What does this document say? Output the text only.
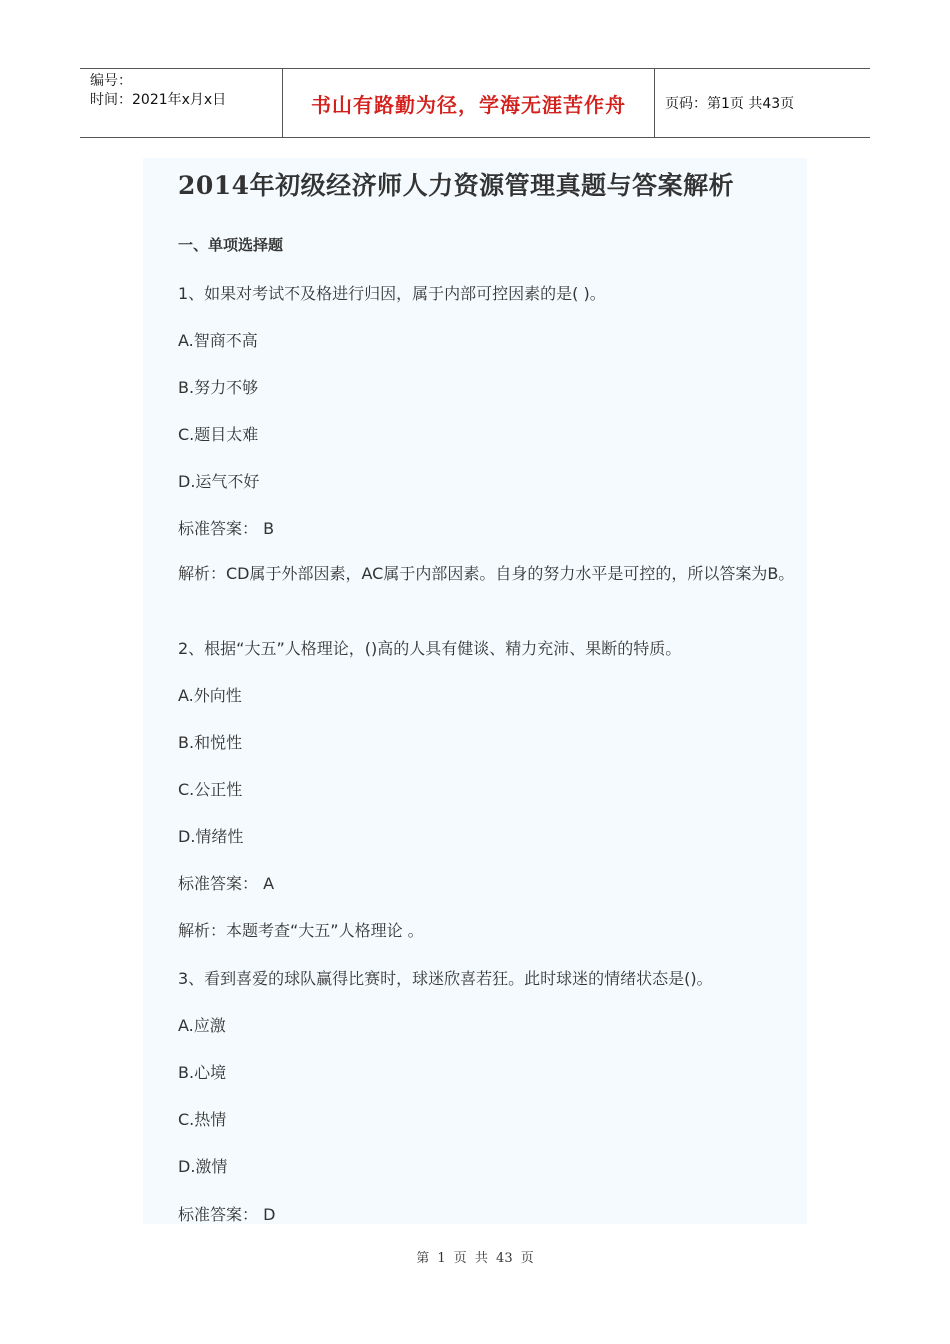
编号：
时间：2021年x月x日	书山有路勤为径，学海无涯苦作舟	页码：第1页 共43页
2014年初级经济师人力资源管理真题与答案解析
一、单项选择题
1、如果对考试不及格进行归因，属于内部可控因素的是( )。
A.智商不高
B.努力不够
C.题目太难
D.运气不好
标准答案： B
解析：CD属于外部因素，AC属于内部因素。自身的努力水平是可控的，所以答案为B。
2、根据“大五”人格理论，()高的人具有健谈、精力充沛、果断的特质。
A.外向性
B.和悦性
C.公正性
D.情绪性
标准答案： A
解析：本题考查“大五”人格理论 。
3、看到喜爱的球队赢得比赛时，球迷欣喜若狂。此时球迷的情绪状态是()。
A.应激
B.心境
C.热情
D.激情
标准答案： D
第 1 页 共 43 页
